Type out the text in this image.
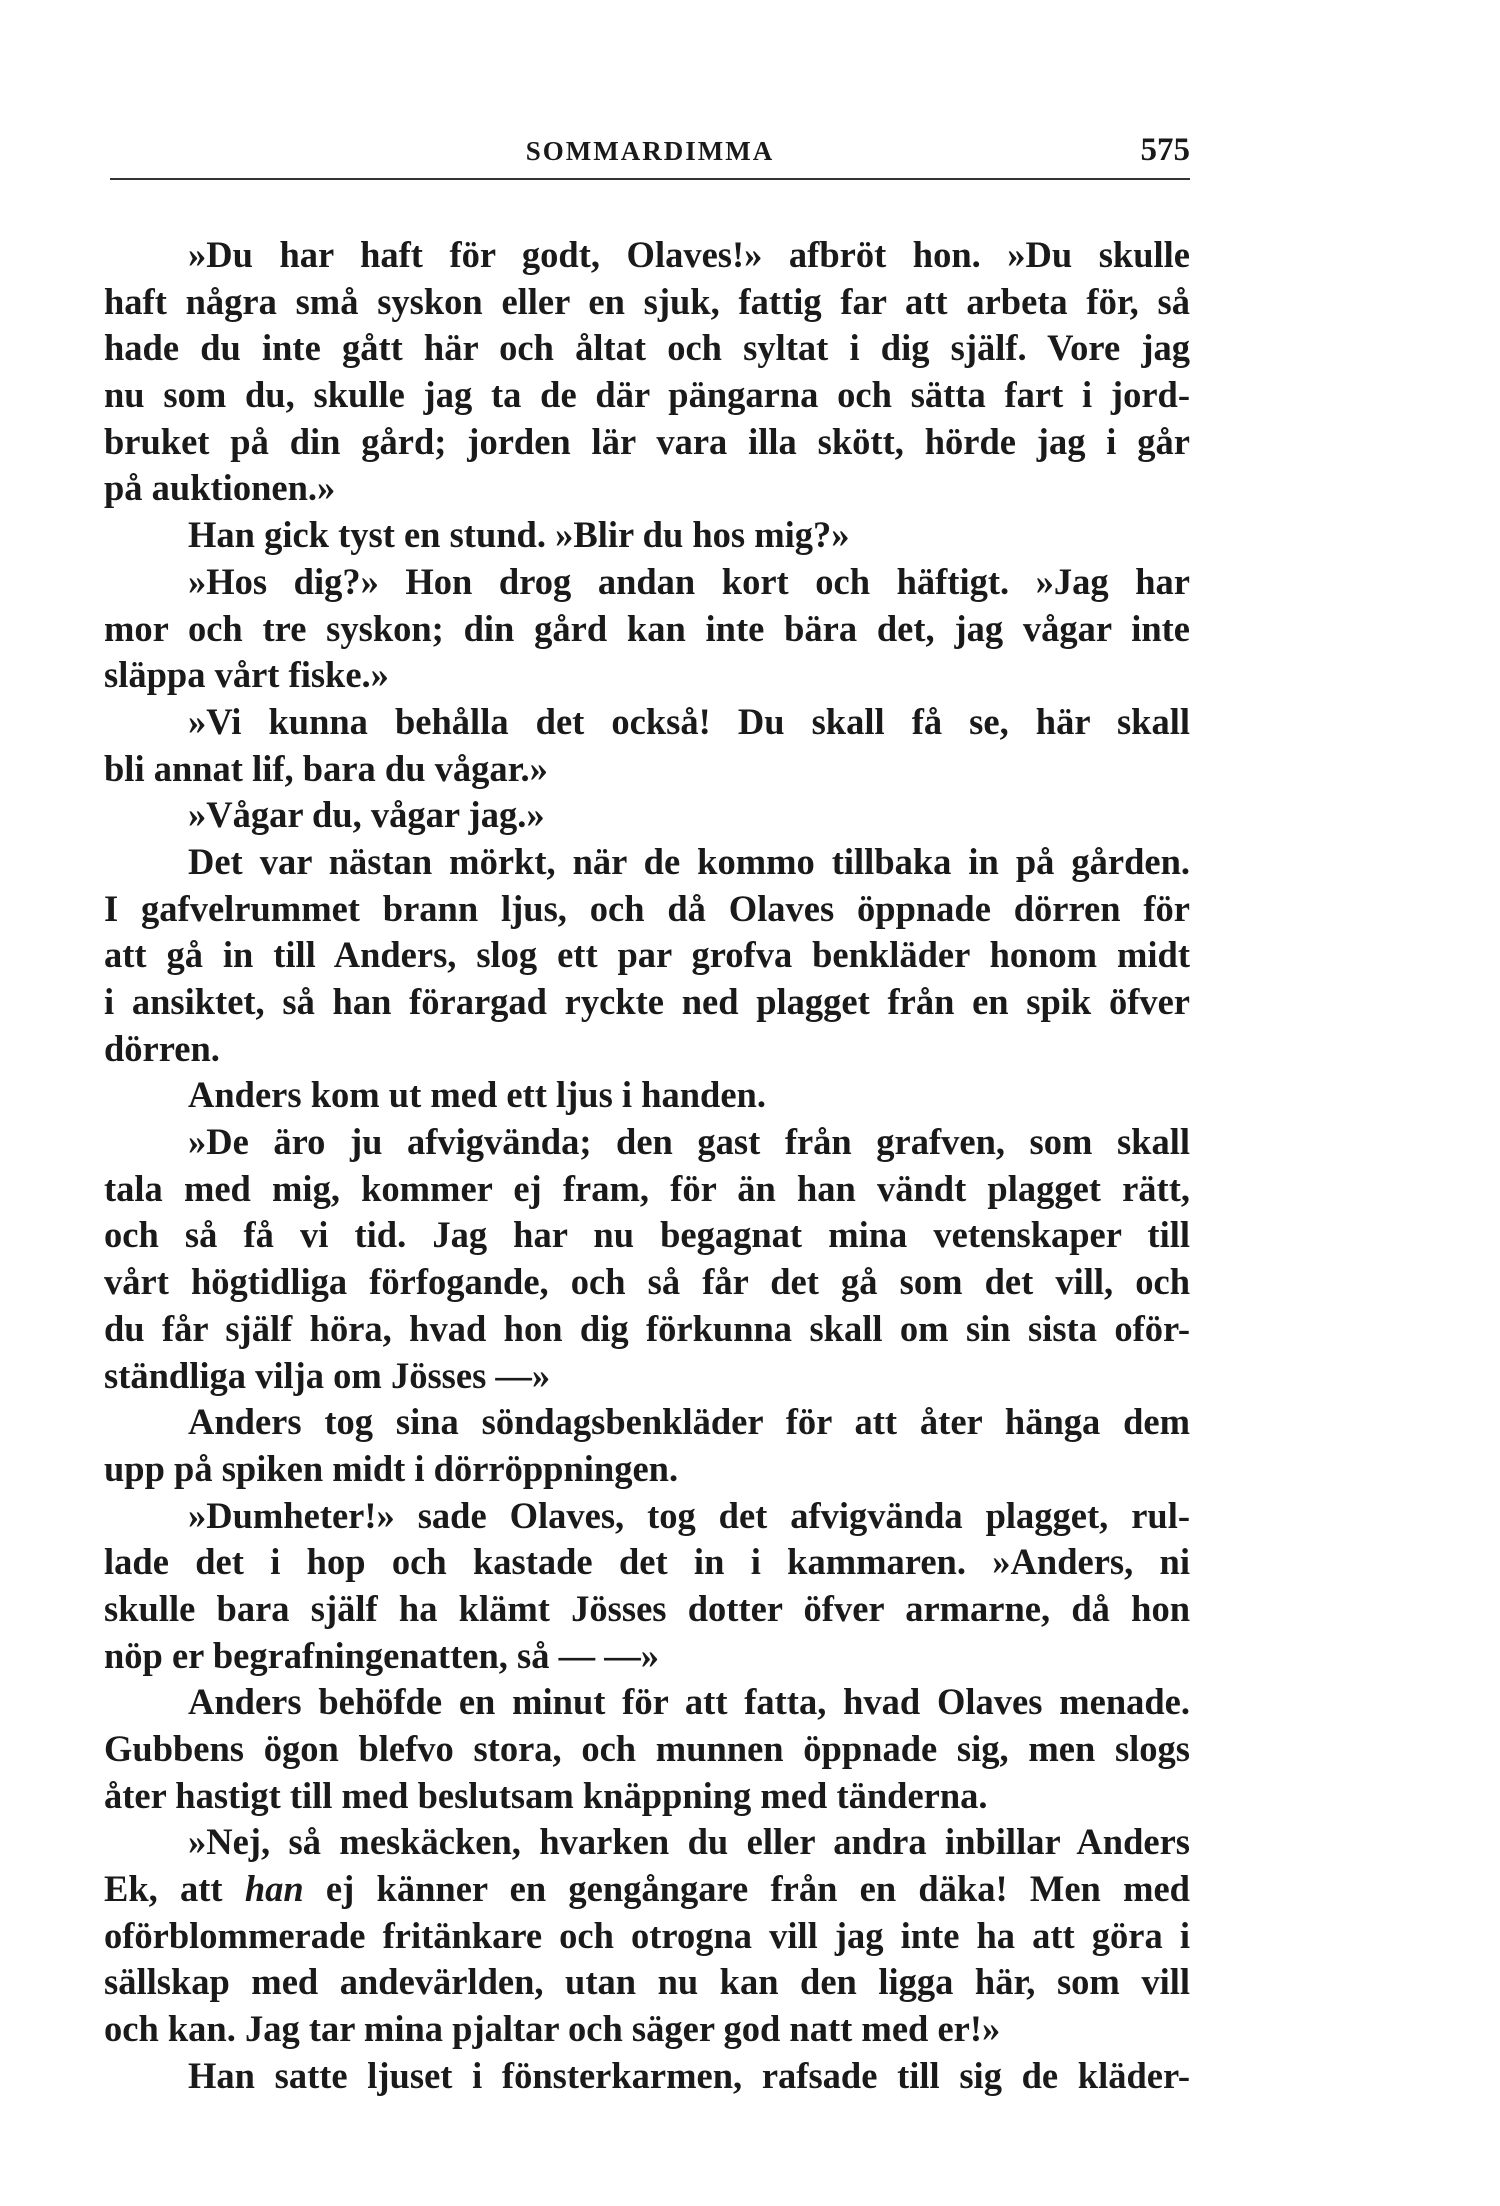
SOMMARDIMMA	575
»Du har haft för godt, Olaves!» afbröt hon. »Du skulle
haft några små syskon eller en sjuk, fattig far att arbeta för, så
hade du inte gått här och åltat och syltat i dig själf. Vore jag
nu som du, skulle jag ta de där pängarna och sätta fart i jord-
bruket på din gård; jorden lär vara illa skött, hörde jag i går
på auktionen.»
Han gick tyst en stund. »Blir du hos mig?»
»Hos dig?» Hon drog andan kort och häftigt. »Jag har
mor och tre syskon; din gård kan inte bära det, jag vågar inte
släppa vårt fiske.»
»Vi kunna behålla det också! Du skall få se, här skall
bli annat lif, bara du vågar.»
»Vågar du, vågar jag.»
Det var nästan mörkt, när de kommo tillbaka in på gården.
I gafvelrummet brann ljus, och då Olaves öppnade dörren för
att gå in till Anders, slog ett par grofva benkläder honom midt
i ansiktet, så han förargad ryckte ned plagget från en spik öfver
dörren.
Anders kom ut med ett ljus i handen.
»De äro ju afvigvända; den gast från grafven, som skall
tala med mig, kommer ej fram, för än han vändt plagget rätt,
och så få vi tid. Jag har nu begagnat mina vetenskaper till
vårt högtidliga förfogande, och så får det gå som det vill, och
du får själf höra, hvad hon dig förkunna skall om sin sista oför-
ständliga vilja om Jösses —»
Anders tog sina söndagsbenkläder för att åter hänga dem
upp på spiken midt i dörröppningen.
»Dumheter!» sade Olaves, tog det afvigvända plagget, rul-
lade det i hop och kastade det in i kammaren. »Anders, ni
skulle bara själf ha klämt Jösses dotter öfver armarne, då hon
nöp er begrafningenatten, så — —»
Anders behöfde en minut för att fatta, hvad Olaves menade.
Gubbens ögon blefvo stora, och munnen öppnade sig, men slogs
åter hastigt till med beslutsam knäppning med tänderna.
»Nej, så meskäcken, hvarken du eller andra inbillar Anders
Ek, att han ej känner en gengångare från en däka! Men med
oförblommerade fritänkare och otrogna vill jag inte ha att göra i
sällskap med andevärlden, utan nu kan den ligga här, som vill
och kan. Jag tar mina pjaltar och säger god natt med er!»
Han satte ljuset i fönsterkarmen, rafsade till sig de kläder-
